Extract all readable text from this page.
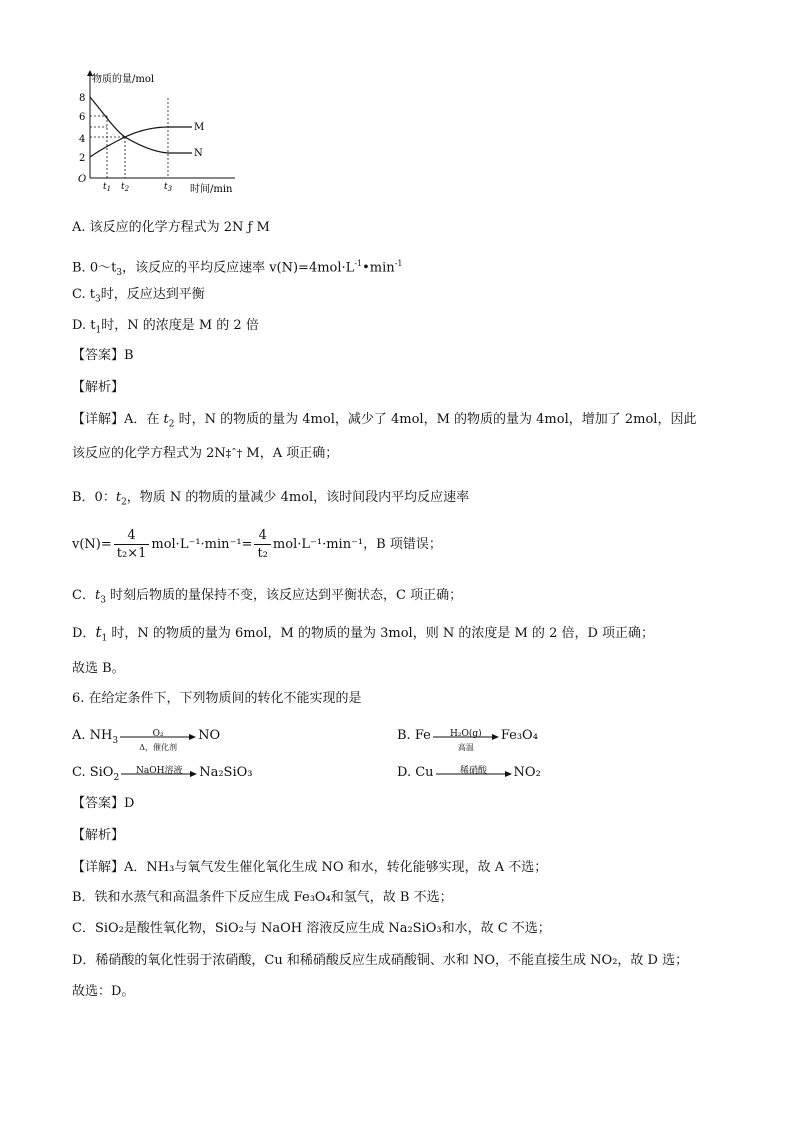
物质的量/mol
时间/min
O
8
6
4
2
M
N
$t_1$ $t_2$	$t_3$
A. 该反应的化学方程式为 2N ƒ M
B. $0\sim t_3$，该反应的平均反应速率 $v(N)=4mol\cdot L^{-1}•\min^{-1}$
C. $t_3$时，反应达到平衡
D. $t_1$时，N 的浓度是 M 的 2 倍
【答案】B
【解析】
【详解】A．在 $t_2$ 时，N 的物质的量为 4mol，减少了 4mol，M 的物质的量为 4mol，增加了 2mol，因此
该反应的化学方程式为 2N‡ˆ† M，A 项正确；
B．0：$t_2$，物质 N 的物质的量减少 4mol，该时间段内平均反应速率
$v(N)= \frac{4}{\text{t₂×1}} mol\cdot L^{-1}\cdot\min^{-1}= \frac{4}{\text{t₂}} mol\cdot L^{-1}\cdot\min^{-1}$，B 项错误；
C．$t_3$ 时刻后物质的量保持不变，该反应达到平衡状态，C 项正确；
D．$t_1$ 时，N 的物质的量为 6mol，M 的物质的量为 3mol，则 N 的浓度是 M 的 2 倍，D 项正确；
故选 B。
6. 在给定条件下，下列物质间的转化不能实现的是
A. $NH_3$
O₂
Δ，催化剂
NO	B. Fe	H₂O(g)
高温
Fe₃O₄
C. SiO$_2$
NaOH溶液	Na₂SiO₃	D. Cu	稀硝酸	NO₂
【答案】D
【解析】
【详解】A．NH₃与氧气发生催化氧化生成 NO 和水，转化能够实现，故 A 不选；
B．铁和水蒸气和高温条件下反应生成 Fe₃O₄和氢气，故 B 不选；
C．SiO₂是酸性氧化物，SiO₂与 NaOH 溶液反应生成 Na₂SiO₃和水，故 C 不选；
D．稀硝酸的氧化性弱于浓硝酸，Cu 和稀硝酸反应生成硝酸铜、水和 NO，不能直接生成 NO₂，故 D 选；
故选：D。
